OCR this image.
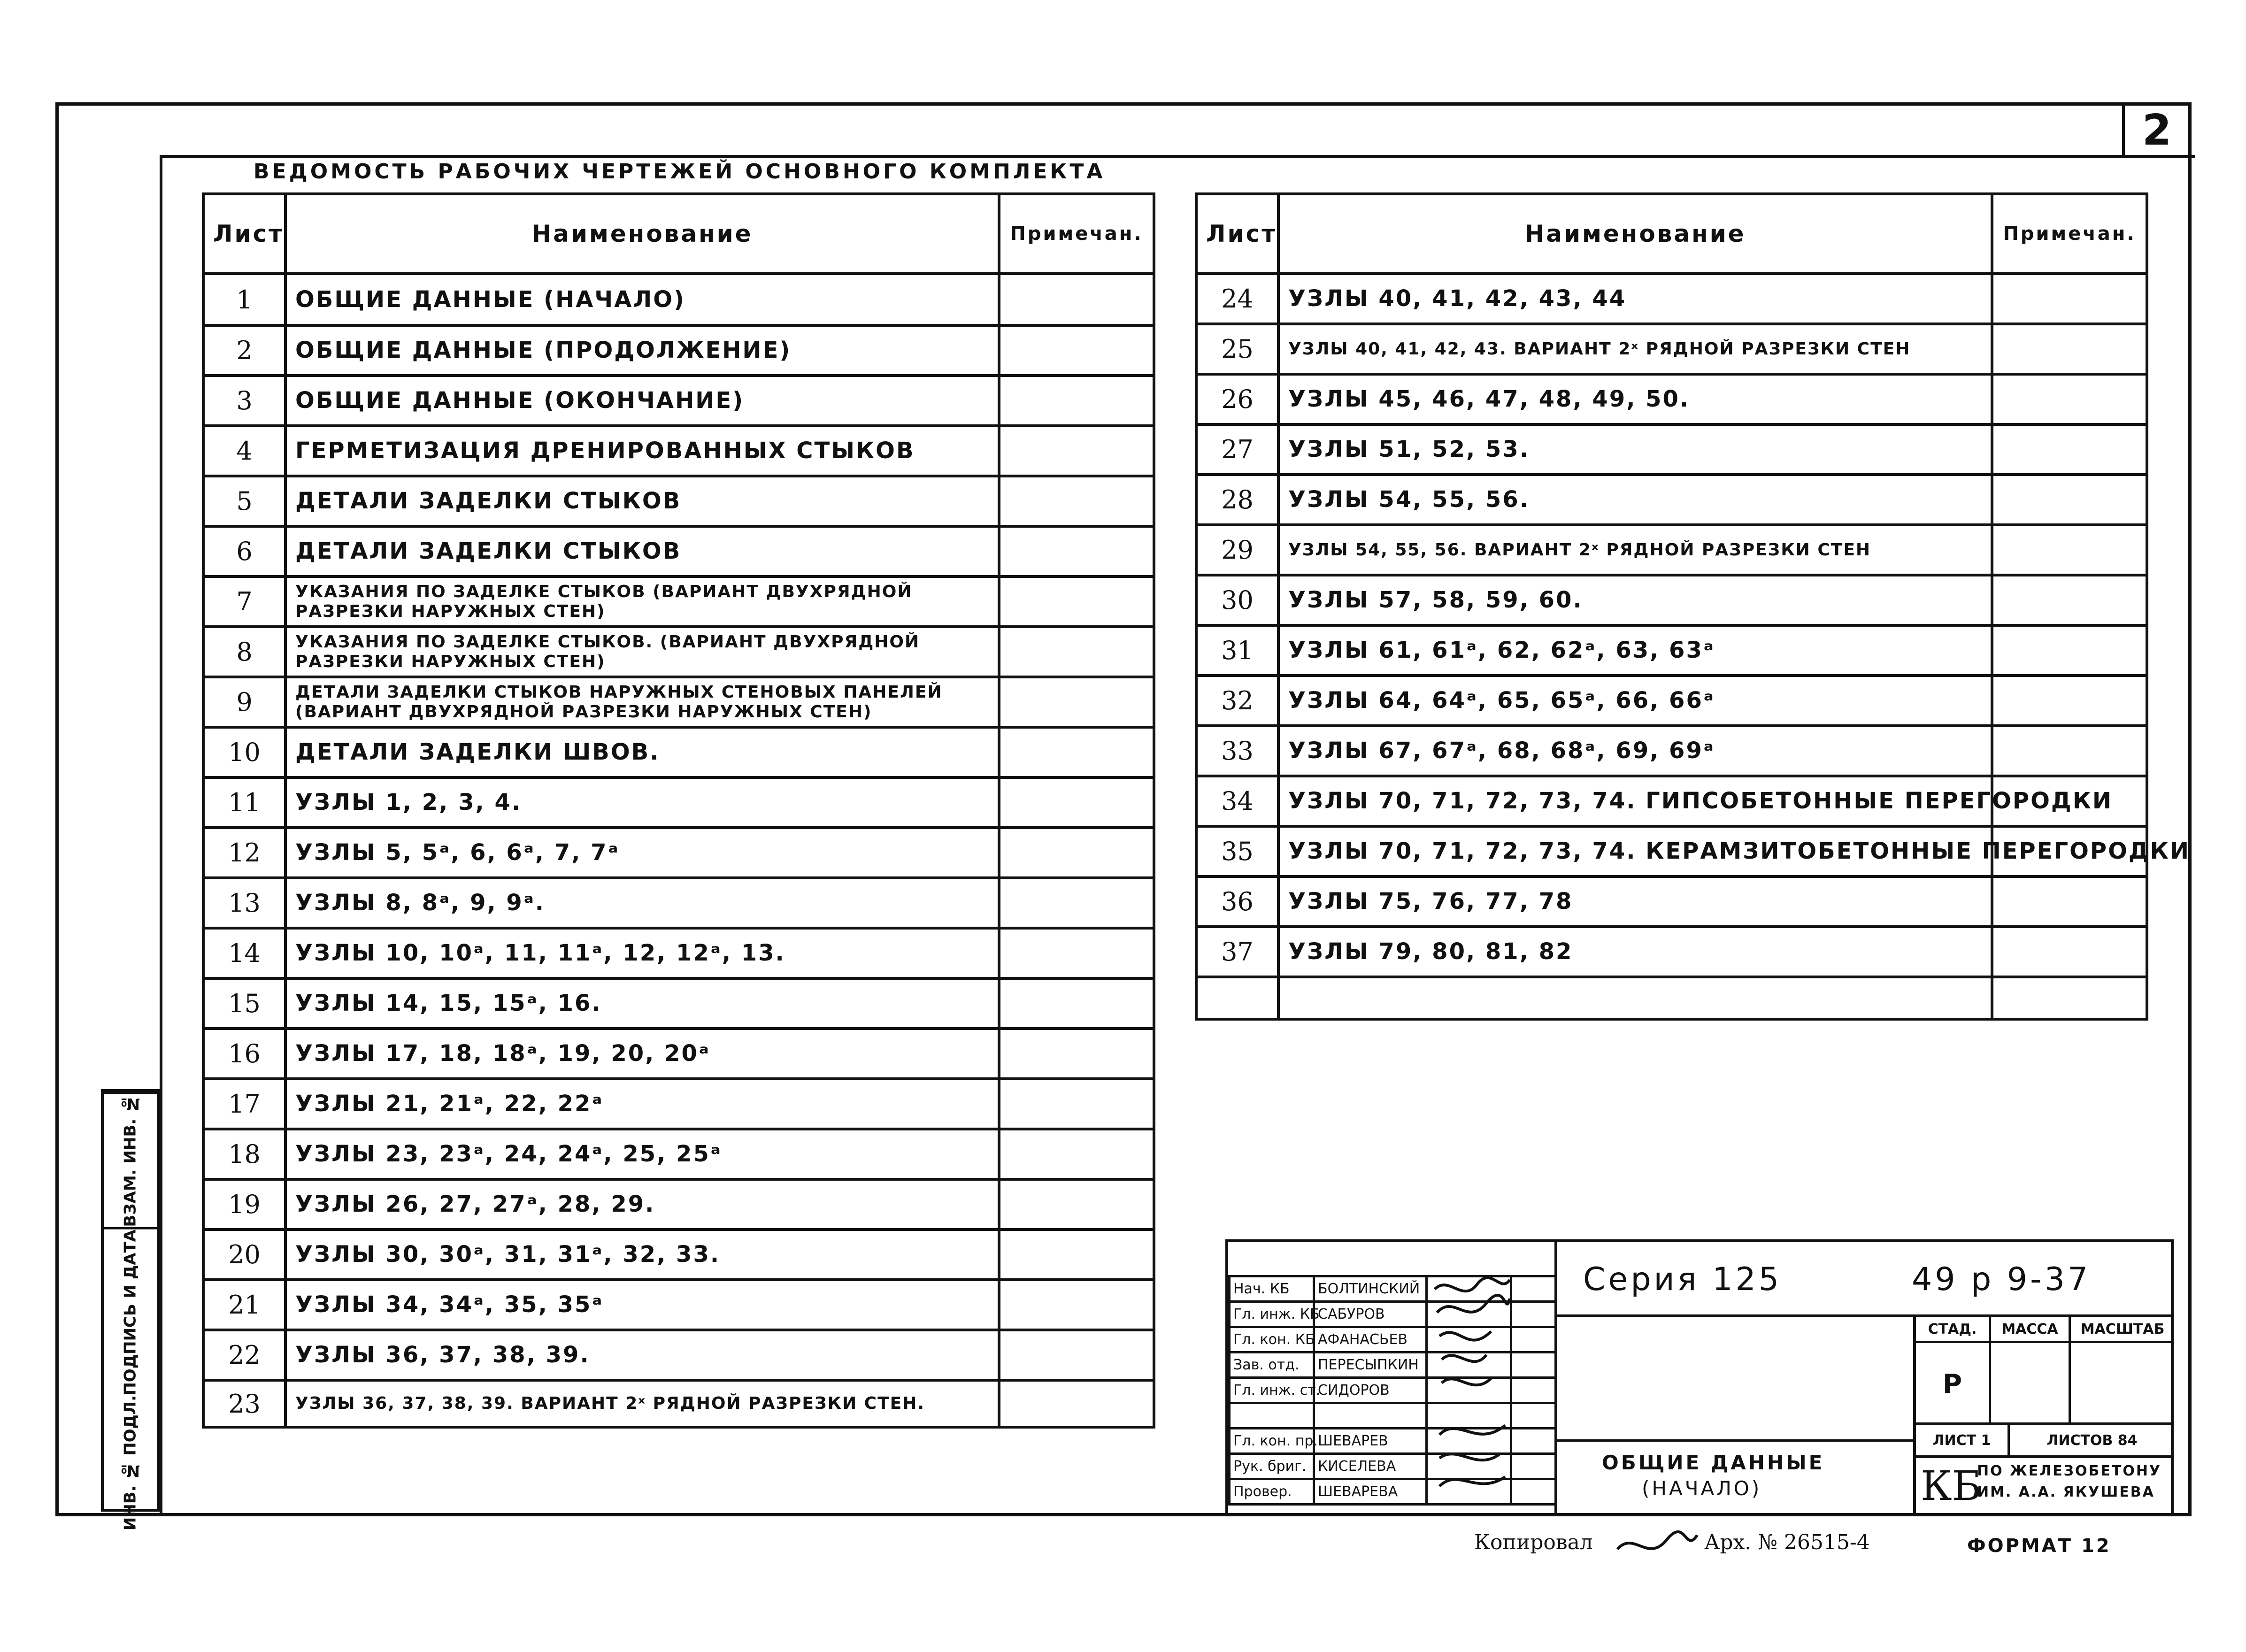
2
ВЕДОМОСТЬ РАБОЧИХ ЧЕРТЕЖЕЙ ОСНОВНОГО КОМПЛЕКТА
Лист	Наименование	Примечан.
1	ОБЩИЕ ДАННЫЕ (НАЧАЛО)	
2	ОБЩИЕ ДАННЫЕ (ПРОДОЛЖЕНИЕ)	
3	ОБЩИЕ ДАННЫЕ (ОКОНЧАНИЕ)	
4	ГЕРМЕТИЗАЦИЯ ДРЕНИРОВАННЫХ СТЫКОВ	
5	ДЕТАЛИ ЗАДЕЛКИ СТЫКОВ	
6	ДЕТАЛИ ЗАДЕЛКИ СТЫКОВ	
7	УКАЗАНИЯ ПО ЗАДЕЛКЕ СТЫКОВ (ВАРИАНТ ДВУХРЯДНОЙ РАЗРЕЗКИ НАРУЖНЫХ СТЕН)	
8	УКАЗАНИЯ ПО ЗАДЕЛКЕ СТЫКОВ. (ВАРИАНТ ДВУХРЯДНОЙ РАЗРЕЗКИ НАРУЖНЫХ СТЕН)	
9	ДЕТАЛИ ЗАДЕЛКИ СТЫКОВ НАРУЖНЫХ СТЕНОВЫХ ПАНЕЛЕЙ (ВАРИАНТ ДВУХРЯДНОЙ РАЗРЕЗКИ НАРУЖНЫХ СТЕН)	
10	ДЕТАЛИ ЗАДЕЛКИ ШВОВ.	
11	УЗЛЫ 1, 2, 3, 4.	
12	УЗЛЫ 5, 5ᵃ, 6, 6ᵃ, 7, 7ᵃ	
13	УЗЛЫ 8, 8ᵃ, 9, 9ᵃ.	
14	УЗЛЫ 10, 10ᵃ, 11, 11ᵃ, 12, 12ᵃ, 13.	
15	УЗЛЫ 14, 15, 15ᵃ, 16.	
16	УЗЛЫ 17, 18, 18ᵃ, 19, 20, 20ᵃ	
17	УЗЛЫ 21, 21ᵃ, 22, 22ᵃ	
18	УЗЛЫ 23, 23ᵃ, 24, 24ᵃ, 25, 25ᵃ	
19	УЗЛЫ 26, 27, 27ᵃ, 28, 29.	
20	УЗЛЫ 30, 30ᵃ, 31, 31ᵃ, 32, 33.	
21	УЗЛЫ 34, 34ᵃ, 35, 35ᵃ	
22	УЗЛЫ 36, 37, 38, 39.	
23	УЗЛЫ 36, 37, 38, 39. ВАРИАНТ 2ˣ РЯДНОЙ РАЗРЕЗКИ СТЕН.	
Лист	Наименование	Примечан.
24	УЗЛЫ 40, 41, 42, 43, 44	
25	УЗЛЫ 40, 41, 42, 43. ВАРИАНТ 2ˣ РЯДНОЙ РАЗРЕЗКИ СТЕН	
26	УЗЛЫ 45, 46, 47, 48, 49, 50.	
27	УЗЛЫ 51, 52, 53.	
28	УЗЛЫ 54, 55, 56.	
29	УЗЛЫ 54, 55, 56. ВАРИАНТ 2ˣ РЯДНОЙ РАЗРЕЗКИ СТЕН	
30	УЗЛЫ 57, 58, 59, 60.	
31	УЗЛЫ 61, 61ᵃ, 62, 62ᵃ, 63, 63ᵃ	
32	УЗЛЫ 64, 64ᵃ, 65, 65ᵃ, 66, 66ᵃ	
33	УЗЛЫ 67, 67ᵃ, 68, 68ᵃ, 69, 69ᵃ	
34	УЗЛЫ 70, 71, 72, 73, 74. ГИПСОБЕТОННЫЕ ПЕРЕГОРОДКИ	
35	УЗЛЫ 70, 71, 72, 73, 74. КЕРАМЗИТОБЕТОННЫЕ ПЕРЕГОРОДКИ	
36	УЗЛЫ 75, 76, 77, 78	
37	УЗЛЫ 79, 80, 81, 82	

ВЗАМ. ИНВ. №
ПОДПИСЬ И ДАТА
ИНВ. № ПОДЛ.
Нач. КБ	БОЛТИНСКИЙ		
Гл. инж. КБ	САБУРОВ		
Гл. кон. КБ	АФАНАСЬЕВ		
Зав. отд.	ПЕРЕСЫПКИН		
Гл. инж. ст.	СИДОРОВ		

Гл. кон. пр.	ШЕВАРЕВ		
Рук. бриг.	КИСЕЛЕВА		
Провер.	ШЕВАРЕВА		
Серия 125	49 р 9-37
ОБЩИЕ ДАННЫЕ
(НАЧАЛО)
СТАД.	МАССА	МАСШТАБ
Р
ЛИСТ 1	ЛИСТОВ 84
КБ
ПО ЖЕЛЕЗОБЕТОНУ
ИМ. А.А. ЯКУШЕВА
Копировал	Арх. № 26515-4	ФОРМАТ 12
